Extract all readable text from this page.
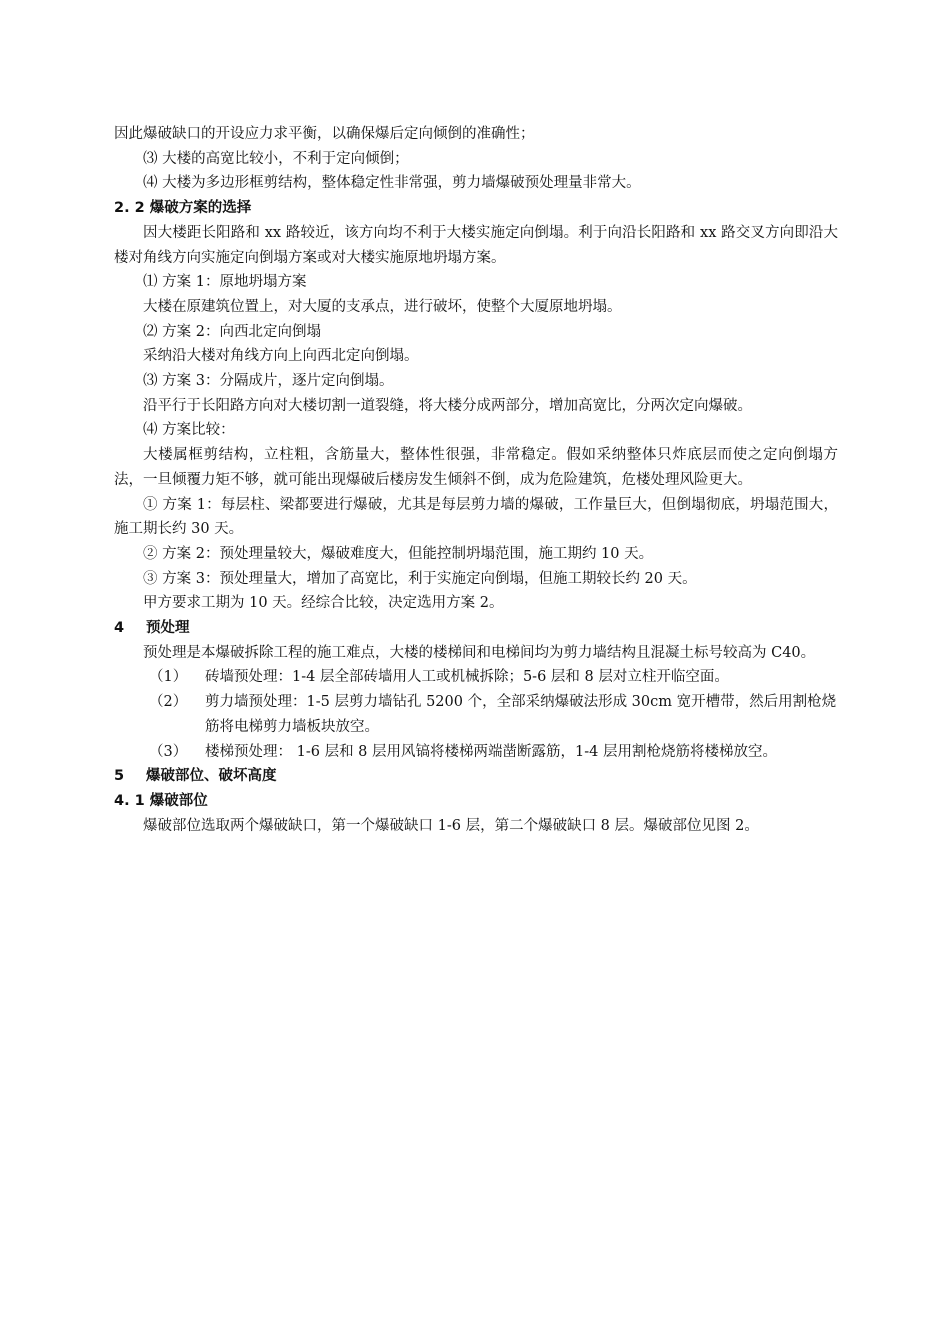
因此爆破缺口的开设应力求平衡，以确保爆后定向倾倒的准确性；

⑶ 大楼的高宽比较小，不利于定向倾倒；

⑷ 大楼为多边形框剪结构，整体稳定性非常强，剪力墙爆破预处理量非常大。

2. 2 爆破方案的选择

因大楼距长阳路和 xx 路较近，该方向均不利于大楼实施定向倒塌。利于向沿长阳路和 xx 路交叉方向即沿大楼对角线方向实施定向倒塌方案或对大楼实施原地坍塌方案。

⑴ 方案 1：原地坍塌方案

大楼在原建筑位置上，对大厦的支承点，进行破坏，使整个大厦原地坍塌。

⑵ 方案 2：向西北定向倒塌

采纳沿大楼对角线方向上向西北定向倒塌。

⑶ 方案 3：分隔成片，逐片定向倒塌。

沿平行于长阳路方向对大楼切割一道裂缝，将大楼分成两部分，增加高宽比，分两次定向爆破。

⑷ 方案比较：

大楼属框剪结构，立柱粗，含筋量大，整体性很强，非常稳定。假如采纳整体只炸底层而使之定向倒塌方法，一旦倾覆力矩不够，就可能出现爆破后楼房发生倾斜不倒，成为危险建筑，危楼处理风险更大。

① 方案 1：每层柱、梁都要进行爆破，尤其是每层剪力墙的爆破，工作量巨大，但倒塌彻底，坍塌范围大，施工期长约 30 天。

② 方案 2：预处理量较大，爆破难度大，但能控制坍塌范围，施工期约 10 天。

③ 方案 3：预处理量大，增加了高宽比，利于实施定向倒塌，但施工期较长约 20 天。

甲方要求工期为 10 天。经综合比较，决定选用方案 2。

4 预处理

预处理是本爆破拆除工程的施工难点，大楼的楼梯间和电梯间均为剪力墙结构且混凝土标号较高为 C40。

（1）	砖墙预处理：1-4 层全部砖墙用人工或机械拆除；5-6 层和 8 层对立柱开临空面。
（2）	剪力墙预处理：1-5 层剪力墙钻孔 5200 个，全部采纳爆破法形成 30cm 宽开槽带，然后用割枪烧筋将电梯剪力墙板块放空。
（3）	楼梯预处理： 1-6 层和 8 层用风镐将楼梯两端凿断露筋，1-4 层用割枪烧筋将楼梯放空。

5 爆破部位、破坏高度

4. 1 爆破部位

爆破部位选取两个爆破缺口，第一个爆破缺口 1-6 层，第二个爆破缺口 8 层。爆破部位见图 2。
